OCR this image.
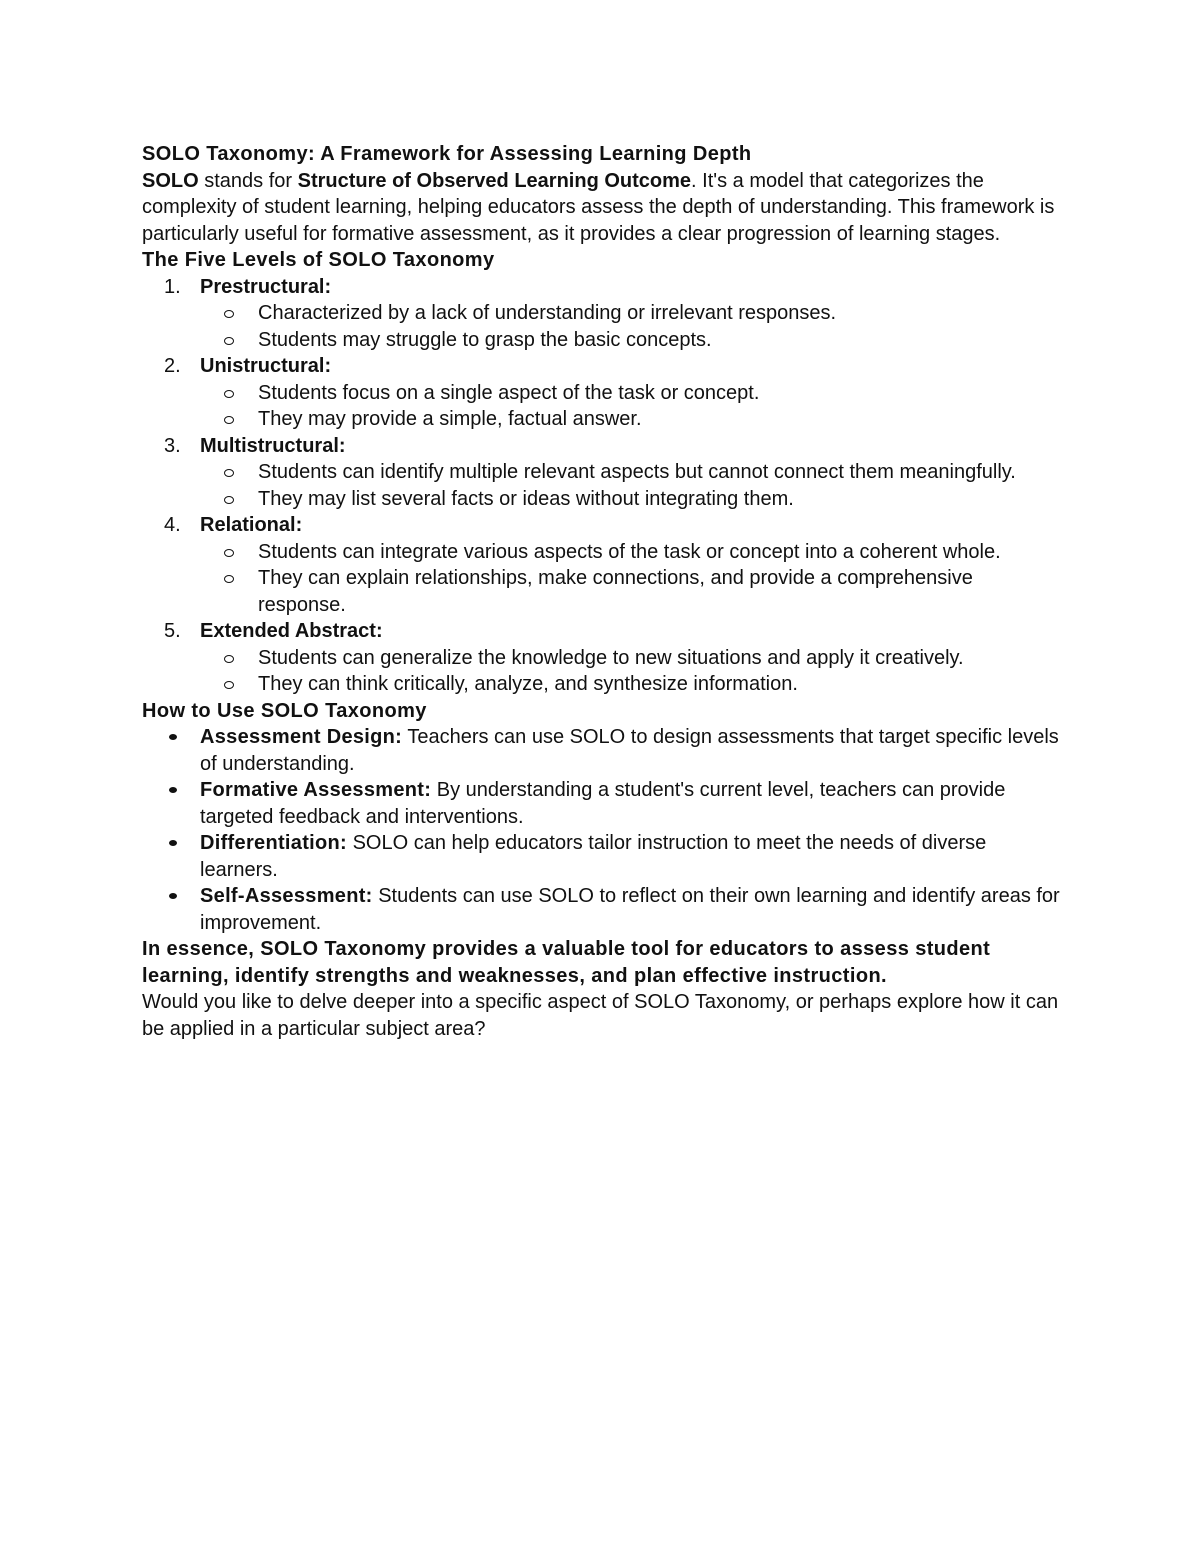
SOLO Taxonomy: A Framework for Assessing Learning Depth

SOLO stands for Structure of Observed Learning Outcome. It's a model that categorizes the complexity of student learning, helping educators assess the depth of understanding. This framework is particularly useful for formative assessment, as it provides a clear progression of learning stages.

The Five Levels of SOLO Taxonomy

1. Prestructural:
Characterized by a lack of understanding or irrelevant responses.
Students may struggle to grasp the basic concepts.
2. Unistructural:
Students focus on a single aspect of the task or concept.
They may provide a simple, factual answer.
3. Multistructural:
Students can identify multiple relevant aspects but cannot connect them meaningfully.
They may list several facts or ideas without integrating them.
4. Relational:
Students can integrate various aspects of the task or concept into a coherent whole.
They can explain relationships, make connections, and provide a comprehensive response.
5. Extended Abstract:
Students can generalize the knowledge to new situations and apply it creatively.
They can think critically, analyze, and synthesize information.

How to Use SOLO Taxonomy

Assessment Design: Teachers can use SOLO to design assessments that target specific levels of understanding.
Formative Assessment: By understanding a student's current level, teachers can provide targeted feedback and interventions.
Differentiation: SOLO can help educators tailor instruction to meet the needs of diverse learners.
Self-Assessment: Students can use SOLO to reflect on their own learning and identify areas for improvement.

In essence, SOLO Taxonomy provides a valuable tool for educators to assess student learning, identify strengths and weaknesses, and plan effective instruction.

Would you like to delve deeper into a specific aspect of SOLO Taxonomy, or perhaps explore how it can be applied in a particular subject area?
